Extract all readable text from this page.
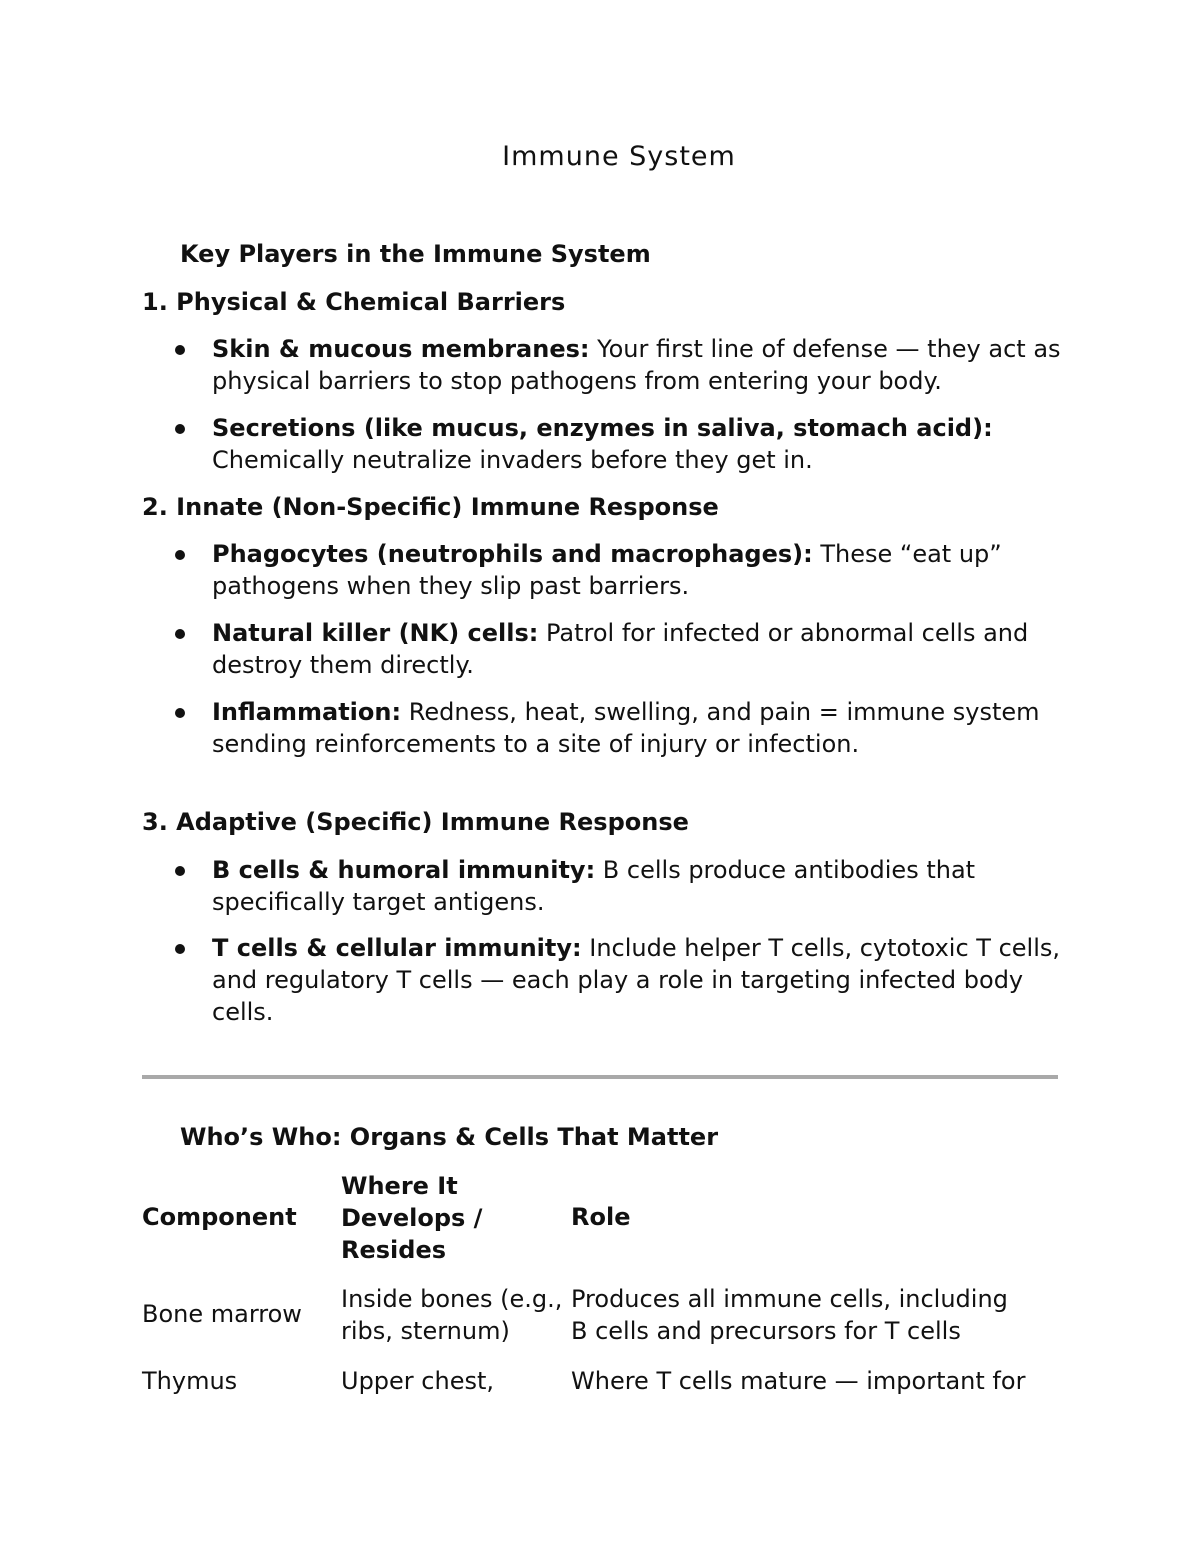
Immune System
Key Players in the Immune System
1. Physical & Chemical Barriers
Skin & mucous membranes: Your first line of defense — they act as physical barriers to stop pathogens from entering your body.
Secretions (like mucus, enzymes in saliva, stomach acid): Chemically neutralize invaders before they get in.
2. Innate (Non-Specific) Immune Response
Phagocytes (neutrophils and macrophages): These “eat up” pathogens when they slip past barriers.
Natural killer (NK) cells: Patrol for infected or abnormal cells and destroy them directly.
Inflammation: Redness, heat, swelling, and pain = immune system sending reinforcements to a site of injury or infection.
3. Adaptive (Specific) Immune Response
B cells & humoral immunity: B cells produce antibodies that specifically target antigens.
T cells & cellular immunity: Include helper T cells, cytotoxic T cells, and regulatory T cells — each play a role in targeting infected body cells.
Who’s Who: Organs & Cells That Matter
Component
Where It Develops / Resides
Role
Bone marrow
Inside bones (e.g., ribs, sternum)
Produces all immune cells, including B cells and precursors for T cells
Thymus	Upper chest,	Where T cells mature — important for
